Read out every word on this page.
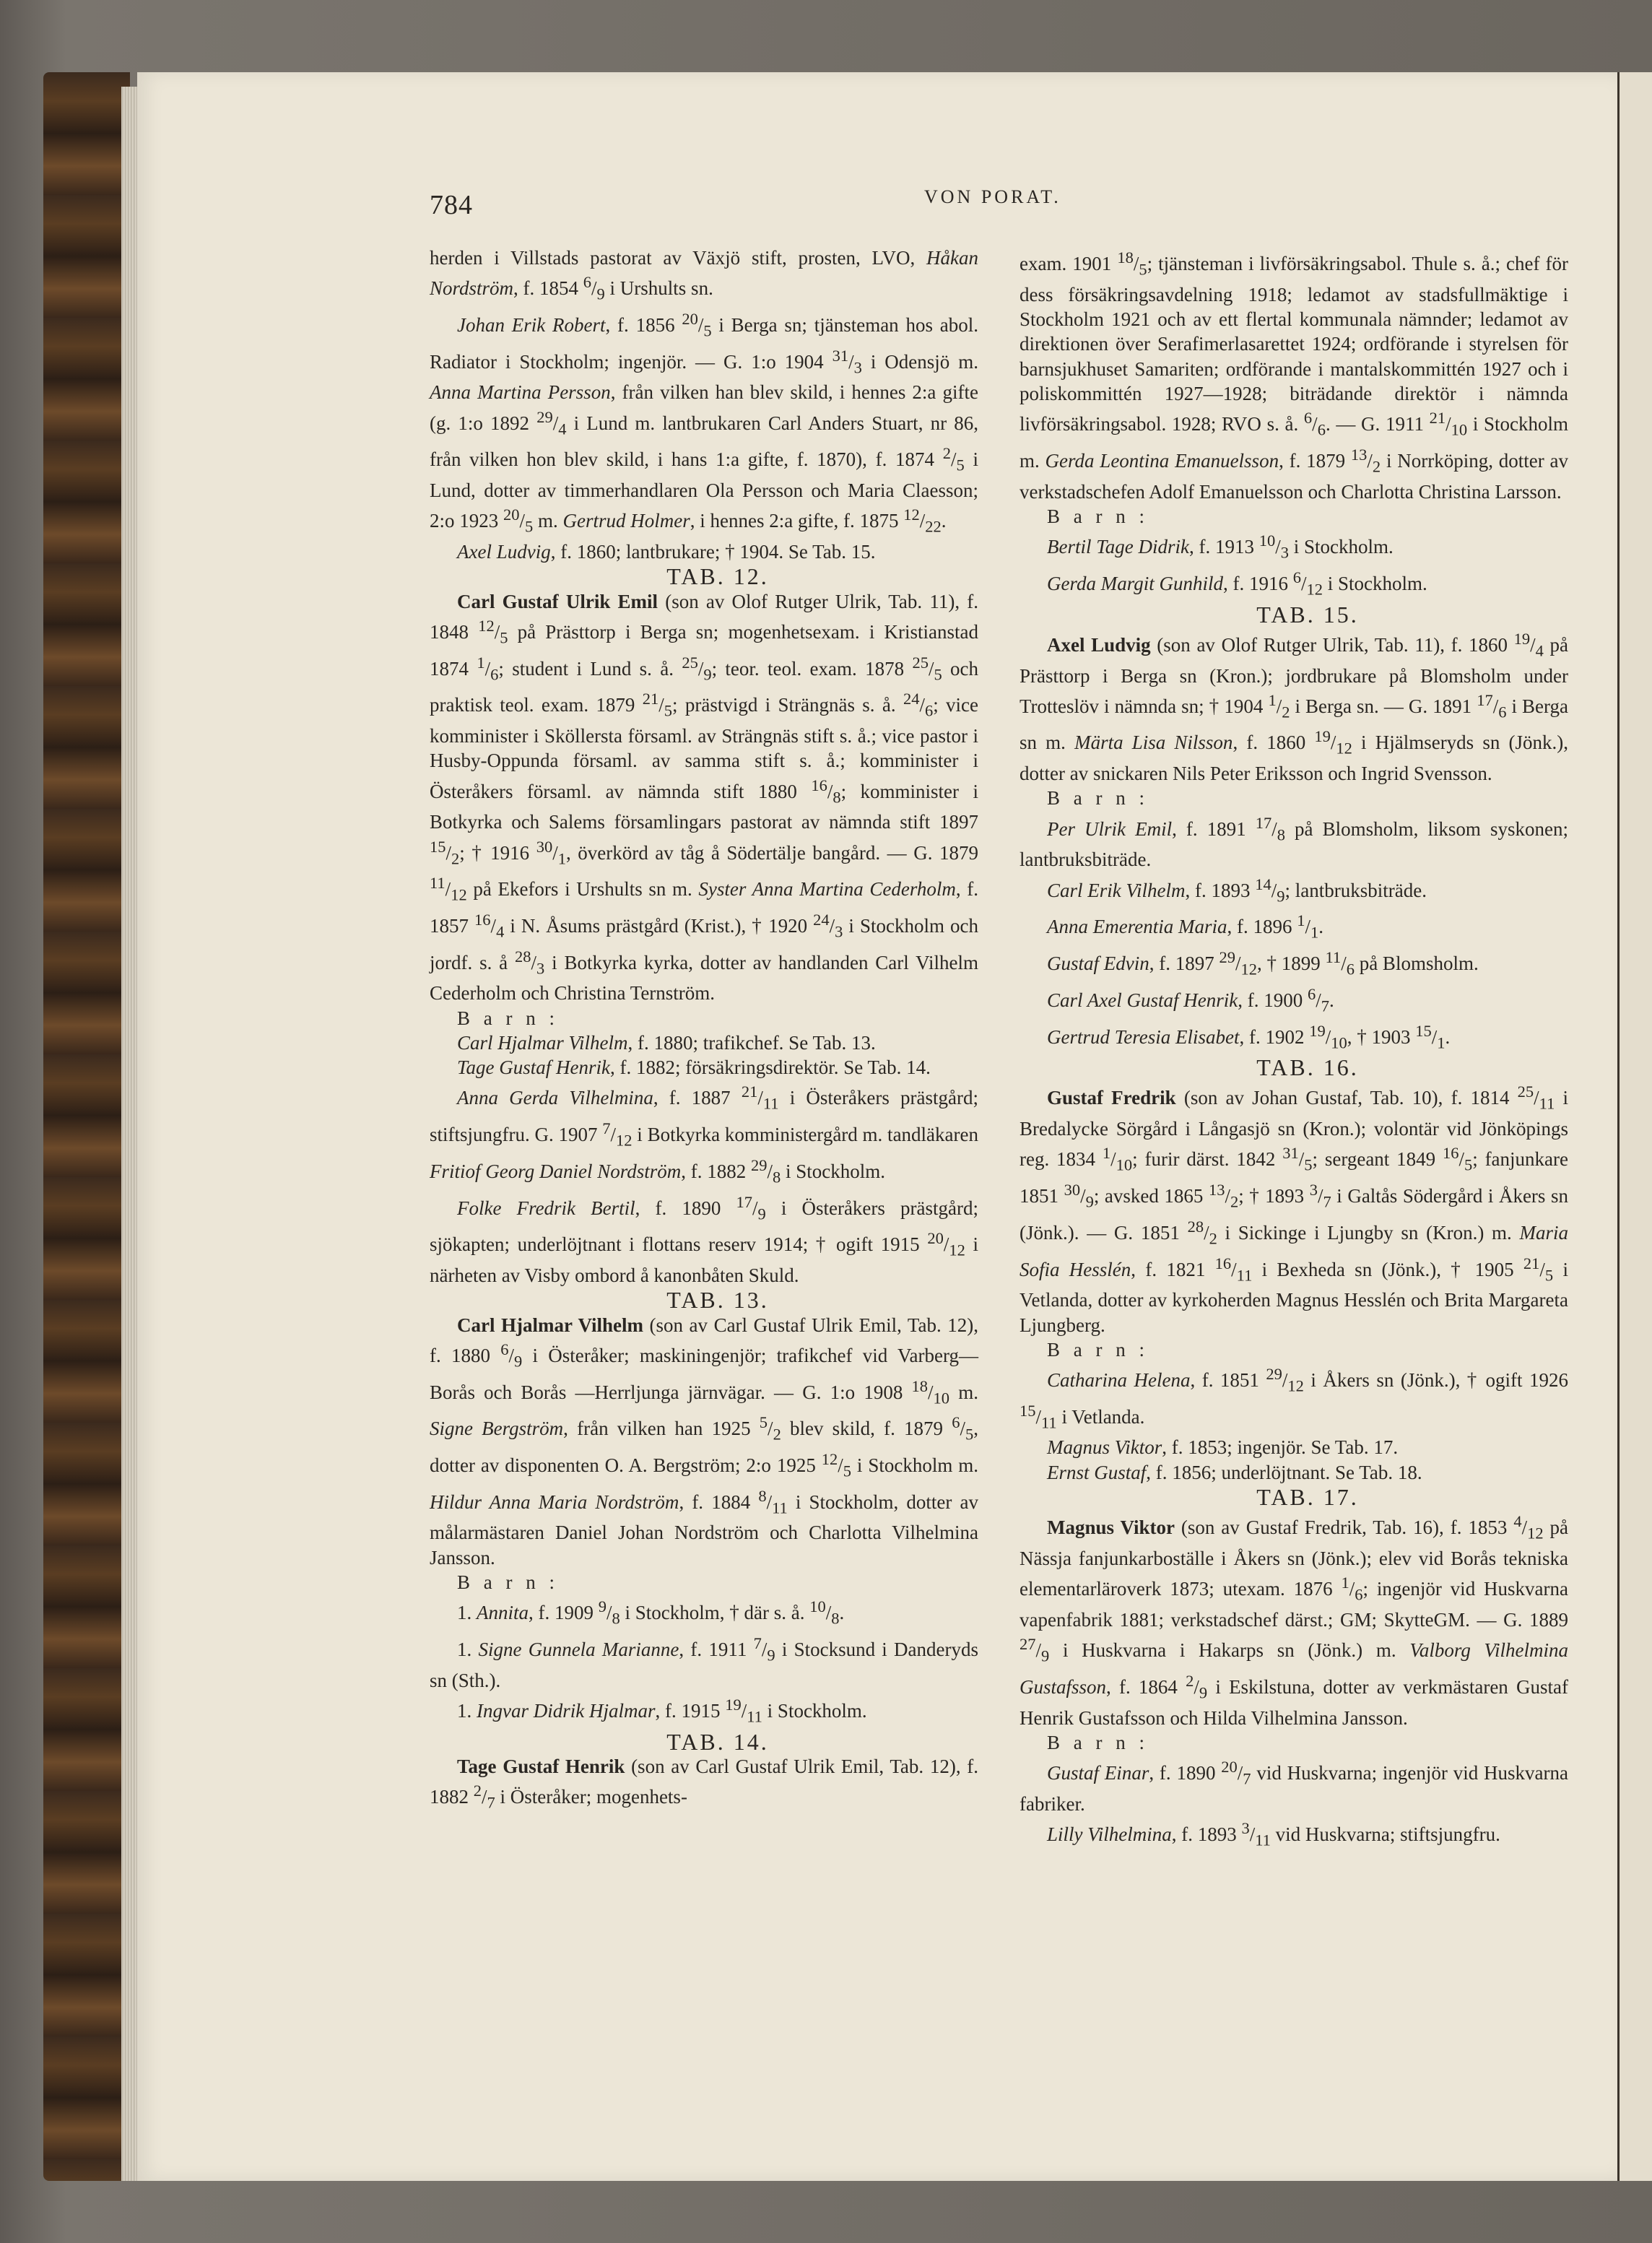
784	VON PORAT.

herden i Villstads pastorat av Växjö stift, prosten, LVO, Håkan Nordström, f. 1854 $^6/_9$ i Urshults sn.

Johan Erik Robert, f. 1856 $^{20}/_5$ i Berga sn; tjänsteman hos abol. Radiator i Stockholm; ingenjör. — G. 1:o 1904 $^{31}/_3$ i Odensjö m. Anna Martina Persson, från vilken han blev skild, i hennes 2:a gifte (g. 1:o 1892 $^{29}/_4$ i Lund m. lantbrukaren Carl Anders Stuart, nr 86, från vilken hon blev skild, i hans 1:a gifte, f. 1870), f. 1874 $^2/_5$ i Lund, dotter av timmerhandlaren Ola Persson och Maria Claesson; 2:o 1923 $^{20}/_5$ m. Gertrud Holmer, i hennes 2:a gifte, f. 1875 $^{12}/_{22}$.

Axel Ludvig, f. 1860; lantbrukare; † 1904. Se Tab. 15.

TAB. 12.

Carl Gustaf Ulrik Emil (son av Olof Rutger Ulrik, Tab. 11), f. 1848 $^{12}/_5$ på Prästtorp i Berga sn; mogenhetsexam. i Kristianstad 1874 $^1/_6$; student i Lund s. å. $^{25}/_9$; teor. teol. exam. 1878 $^{25}/_5$ och praktisk teol. exam. 1879 $^{21}/_5$; prästvigd i Strängnäs s. å. $^{24}/_6$; vice komminister i Sköllersta församl. av Strängnäs stift s. å.; vice pastor i Husby-Oppunda församl. av samma stift s. å.; komminister i Österåkers församl. av nämnda stift 1880 $^{16}/_8$; komminister i Botkyrka och Salems församlingars pastorat av nämnda stift 1897 $^{15}/_2$; † 1916 $^{30}/_1$, överkörd av tåg å Södertälje bangård. — G. 1879 $^{11}/_{12}$ på Ekefors i Urshults sn m. Syster Anna Martina Cederholm, f. 1857 $^{16}/_4$ i N. Åsums prästgård (Krist.), † 1920 $^{24}/_3$ i Stockholm och jordf. s. å $^{28}/_3$ i Botkyrka kyrka, dotter av handlanden Carl Vilhelm Cederholm och Christina Ternström.

B a r n :

Carl Hjalmar Vilhelm, f. 1880; trafikchef. Se Tab. 13.

Tage Gustaf Henrik, f. 1882; försäkringsdirektör. Se Tab. 14.

Anna Gerda Vilhelmina, f. 1887 $^{21}/_{11}$ i Österåkers prästgård; stiftsjungfru. G. 1907 $^7/_{12}$ i Botkyrka komministergård m. tandläkaren Fritiof Georg Daniel Nordström, f. 1882 $^{29}/_8$ i Stockholm.

Folke Fredrik Bertil, f. 1890 $^{17}/_9$ i Österåkers prästgård; sjökapten; underlöjtnant i flottans reserv 1914; † ogift 1915 $^{20}/_{12}$ i närheten av Visby ombord å kanonbåten Skuld.

TAB. 13.

Carl Hjalmar Vilhelm (son av Carl Gustaf Ulrik Emil, Tab. 12), f. 1880 $^6/_9$ i Österåker; maskiningenjör; trafikchef vid Varberg—Borås och Borås —Herrljunga järnvägar. — G. 1:o 1908 $^{18}/_{10}$ m. Signe Bergström, från vilken han 1925 $^5/_2$ blev skild, f. 1879 $^6/_5$, dotter av disponenten O. A. Bergström; 2:o 1925 $^{12}/_5$ i Stockholm m. Hildur Anna Maria Nordström, f. 1884 $^8/_{11}$ i Stockholm, dotter av målarmästaren Daniel Johan Nordström och Charlotta Vilhelmina Jansson.

B a r n :

1. Annita, f. 1909 $^9/_8$ i Stockholm, † där s. å. $^{10}/_8$.

1. Signe Gunnela Marianne, f. 1911 $^7/_9$ i Stocksund i Danderyds sn (Sth.).

1. Ingvar Didrik Hjalmar, f. 1915 $^{19}/_{11}$ i Stockholm.

TAB. 14.

Tage Gustaf Henrik (son av Carl Gustaf Ulrik Emil, Tab. 12), f. 1882 $^2/_7$ i Österåker; mogenhets-

exam. 1901 $^{18}/_5$; tjänsteman i livförsäkringsabol. Thule s. å.; chef för dess försäkringsavdelning 1918; ledamot av stadsfullmäktige i Stockholm 1921 och av ett flertal kommunala nämnder; ledamot av direktionen över Serafimerlasarettet 1924; ordförande i styrelsen för barnsjukhuset Samariten; ordförande i mantalskommittén 1927 och i poliskommittén 1927—1928; biträdande direktör i nämnda livförsäkringsabol. 1928; RVO s. å. $^6/_6$. — G. 1911 $^{21}/_{10}$ i Stockholm m. Gerda Leontina Emanuelsson, f. 1879 $^{13}/_2$ i Norrköping, dotter av verkstadschefen Adolf Emanuelsson och Charlotta Christina Larsson.

B a r n :

Bertil Tage Didrik, f. 1913 $^{10}/_3$ i Stockholm.

Gerda Margit Gunhild, f. 1916 $^6/_{12}$ i Stockholm.

TAB. 15.

Axel Ludvig (son av Olof Rutger Ulrik, Tab. 11), f. 1860 $^{19}/_4$ på Prästtorp i Berga sn (Kron.); jordbrukare på Blomsholm under Trotteslöv i nämnda sn; † 1904 $^1/_2$ i Berga sn. — G. 1891 $^{17}/_6$ i Berga sn m. Märta Lisa Nilsson, f. 1860 $^{19}/_{12}$ i Hjälmseryds sn (Jönk.), dotter av snickaren Nils Peter Eriksson och Ingrid Svensson.

B a r n :

Per Ulrik Emil, f. 1891 $^{17}/_8$ på Blomsholm, liksom syskonen; lantbruksbiträde.

Carl Erik Vilhelm, f. 1893 $^{14}/_9$; lantbruksbiträde.

Anna Emerentia Maria, f. 1896 $^1/_1$.

Gustaf Edvin, f. 1897 $^{29}/_{12}$, † 1899 $^{11}/_6$ på Blomsholm.

Carl Axel Gustaf Henrik, f. 1900 $^6/_7$.

Gertrud Teresia Elisabet, f. 1902 $^{19}/_{10}$, † 1903 $^{15}/_1$.

TAB. 16.

Gustaf Fredrik (son av Johan Gustaf, Tab. 10), f. 1814 $^{25}/_{11}$ i Bredalycke Sörgård i Långasjö sn (Kron.); volontär vid Jönköpings reg. 1834 $^1/_{10}$; furir därst. 1842 $^{31}/_5$; sergeant 1849 $^{16}/_5$; fanjunkare 1851 $^{30}/_9$; avsked 1865 $^{13}/_2$; † 1893 $^3/_7$ i Galtås Södergård i Åkers sn (Jönk.). — G. 1851 $^{28}/_2$ i Sickinge i Ljungby sn (Kron.) m. Maria Sofia Hesslén, f. 1821 $^{16}/_{11}$ i Bexheda sn (Jönk.), † 1905 $^{21}/_5$ i Vetlanda, dotter av kyrkoherden Magnus Hesslén och Brita Margareta Ljungberg.

B a r n :

Catharina Helena, f. 1851 $^{29}/_{12}$ i Åkers sn (Jönk.), † ogift 1926 $^{15}/_{11}$ i Vetlanda.

Magnus Viktor, f. 1853; ingenjör. Se Tab. 17.

Ernst Gustaf, f. 1856; underlöjtnant. Se Tab. 18.

TAB. 17.

Magnus Viktor (son av Gustaf Fredrik, Tab. 16), f. 1853 $^4/_{12}$ på Nässja fanjunkarboställe i Åkers sn (Jönk.); elev vid Borås tekniska elementarläroverk 1873; utexam. 1876 $^1/_6$; ingenjör vid Huskvarna vapenfabrik 1881; verkstadschef därst.; GM; SkytteGM. — G. 1889 $^{27}/_9$ i Huskvarna i Hakarps sn (Jönk.) m. Valborg Vilhelmina Gustafsson, f. 1864 $^2/_9$ i Eskilstuna, dotter av verkmästaren Gustaf Henrik Gustafsson och Hilda Vilhelmina Jansson.

B a r n :

Gustaf Einar, f. 1890 $^{20}/_7$ vid Huskvarna; ingenjör vid Huskvarna fabriker.

Lilly Vilhelmina, f. 1893 $^3/_{11}$ vid Huskvarna; stiftsjungfru.
